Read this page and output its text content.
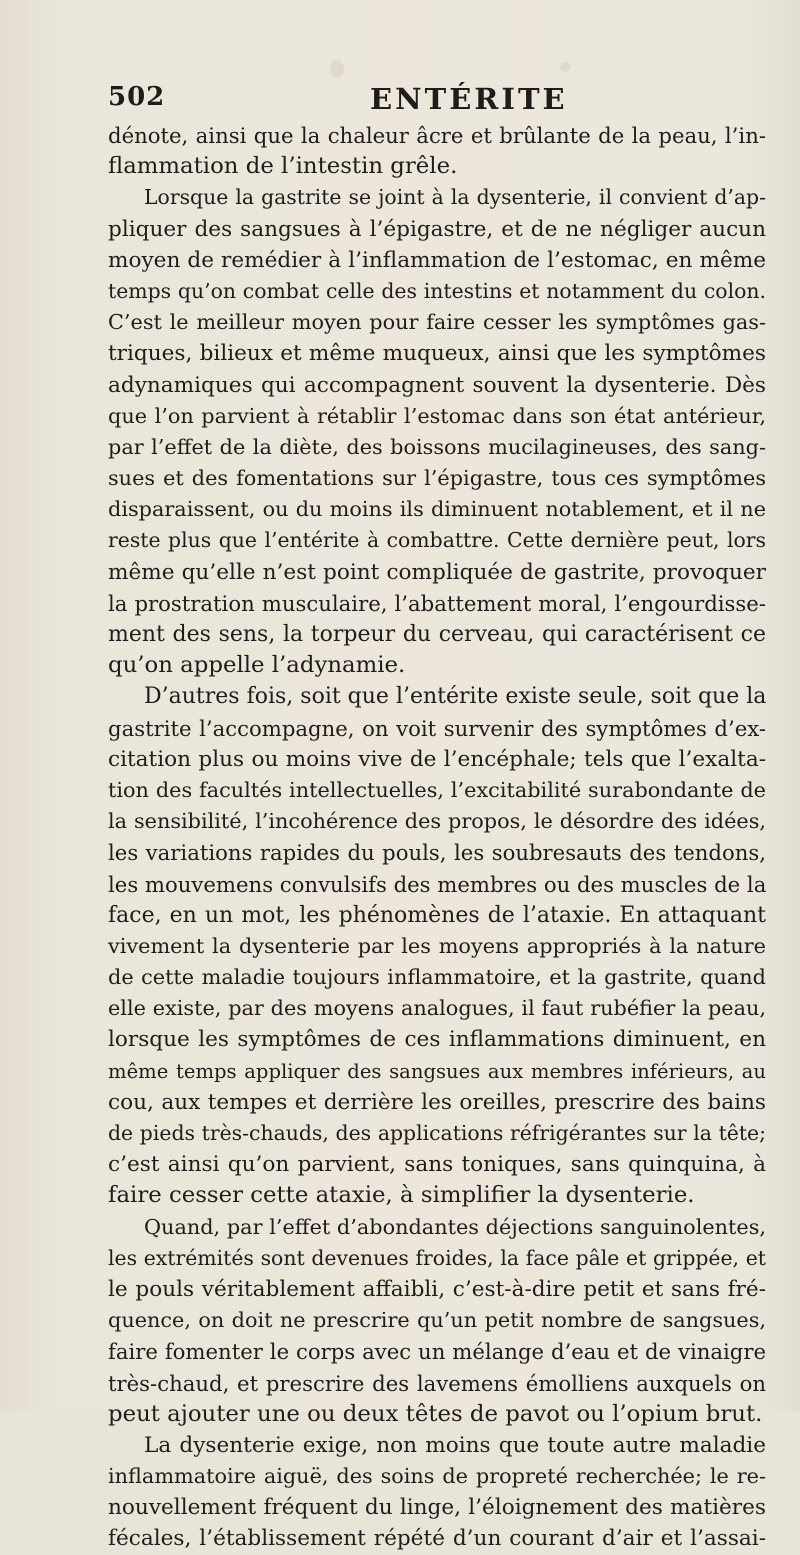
502	ENTÉRITE
dénote, ainsi que la chaleur âcre et brûlante de la peau, l’in-
flammation de l’intestin grêle.
Lorsque la gastrite se joint à la dysenterie, il convient d’ap-
pliquer des sangsues à l’épigastre, et de ne négliger aucun
moyen de remédier à l’inflammation de l’estomac, en même
temps qu’on combat celle des intestins et notamment du colon.
C’est le meilleur moyen pour faire cesser les symptômes gas-
triques, bilieux et même muqueux, ainsi que les symptômes
adynamiques qui accompagnent souvent la dysenterie. Dès
que l’on parvient à rétablir l’estomac dans son état antérieur,
par l’effet de la diète, des boissons mucilagineuses, des sang-
sues et des fomentations sur l’épigastre, tous ces symptômes
disparaissent, ou du moins ils diminuent notablement, et il ne
reste plus que l’entérite à combattre. Cette dernière peut, lors
même qu’elle n’est point compliquée de gastrite, provoquer
la prostration musculaire, l’abattement moral, l’engourdisse-
ment des sens, la torpeur du cerveau, qui caractérisent ce
qu’on appelle l’adynamie.
D’autres fois, soit que l’entérite existe seule, soit que la
gastrite l’accompagne, on voit survenir des symptômes d’ex-
citation plus ou moins vive de l’encéphale; tels que l’exalta-
tion des facultés intellectuelles, l’excitabilité surabondante de
la sensibilité, l’incohérence des propos, le désordre des idées,
les variations rapides du pouls, les soubresauts des tendons,
les mouvemens convulsifs des membres ou des muscles de la
face, en un mot, les phénomènes de l’ataxie. En attaquant
vivement la dysenterie par les moyens appropriés à la nature
de cette maladie toujours inflammatoire, et la gastrite, quand
elle existe, par des moyens analogues, il faut rubéfier la peau,
lorsque les symptômes de ces inflammations diminuent, en
même temps appliquer des sangsues aux membres inférieurs, au
cou, aux tempes et derrière les oreilles, prescrire des bains
de pieds très-chauds, des applications réfrigérantes sur la tête;
c’est ainsi qu’on parvient, sans toniques, sans quinquina, à
faire cesser cette ataxie, à simplifier la dysenterie.
Quand, par l’effet d’abondantes déjections sanguinolentes,
les extrémités sont devenues froides, la face pâle et grippée, et
le pouls véritablement affaibli, c’est-à-dire petit et sans fré-
quence, on doit ne prescrire qu’un petit nombre de sangsues,
faire fomenter le corps avec un mélange d’eau et de vinaigre
très-chaud, et prescrire des lavemens émolliens auxquels on
peut ajouter une ou deux têtes de pavot ou l’opium brut.
La dysenterie exige, non moins que toute autre maladie
inflammatoire aiguë, des soins de propreté recherchée; le re-
nouvellement fréquent du linge, l’éloignement des matières
fécales, l’établissement répété d’un courant d’air et l’assai-
